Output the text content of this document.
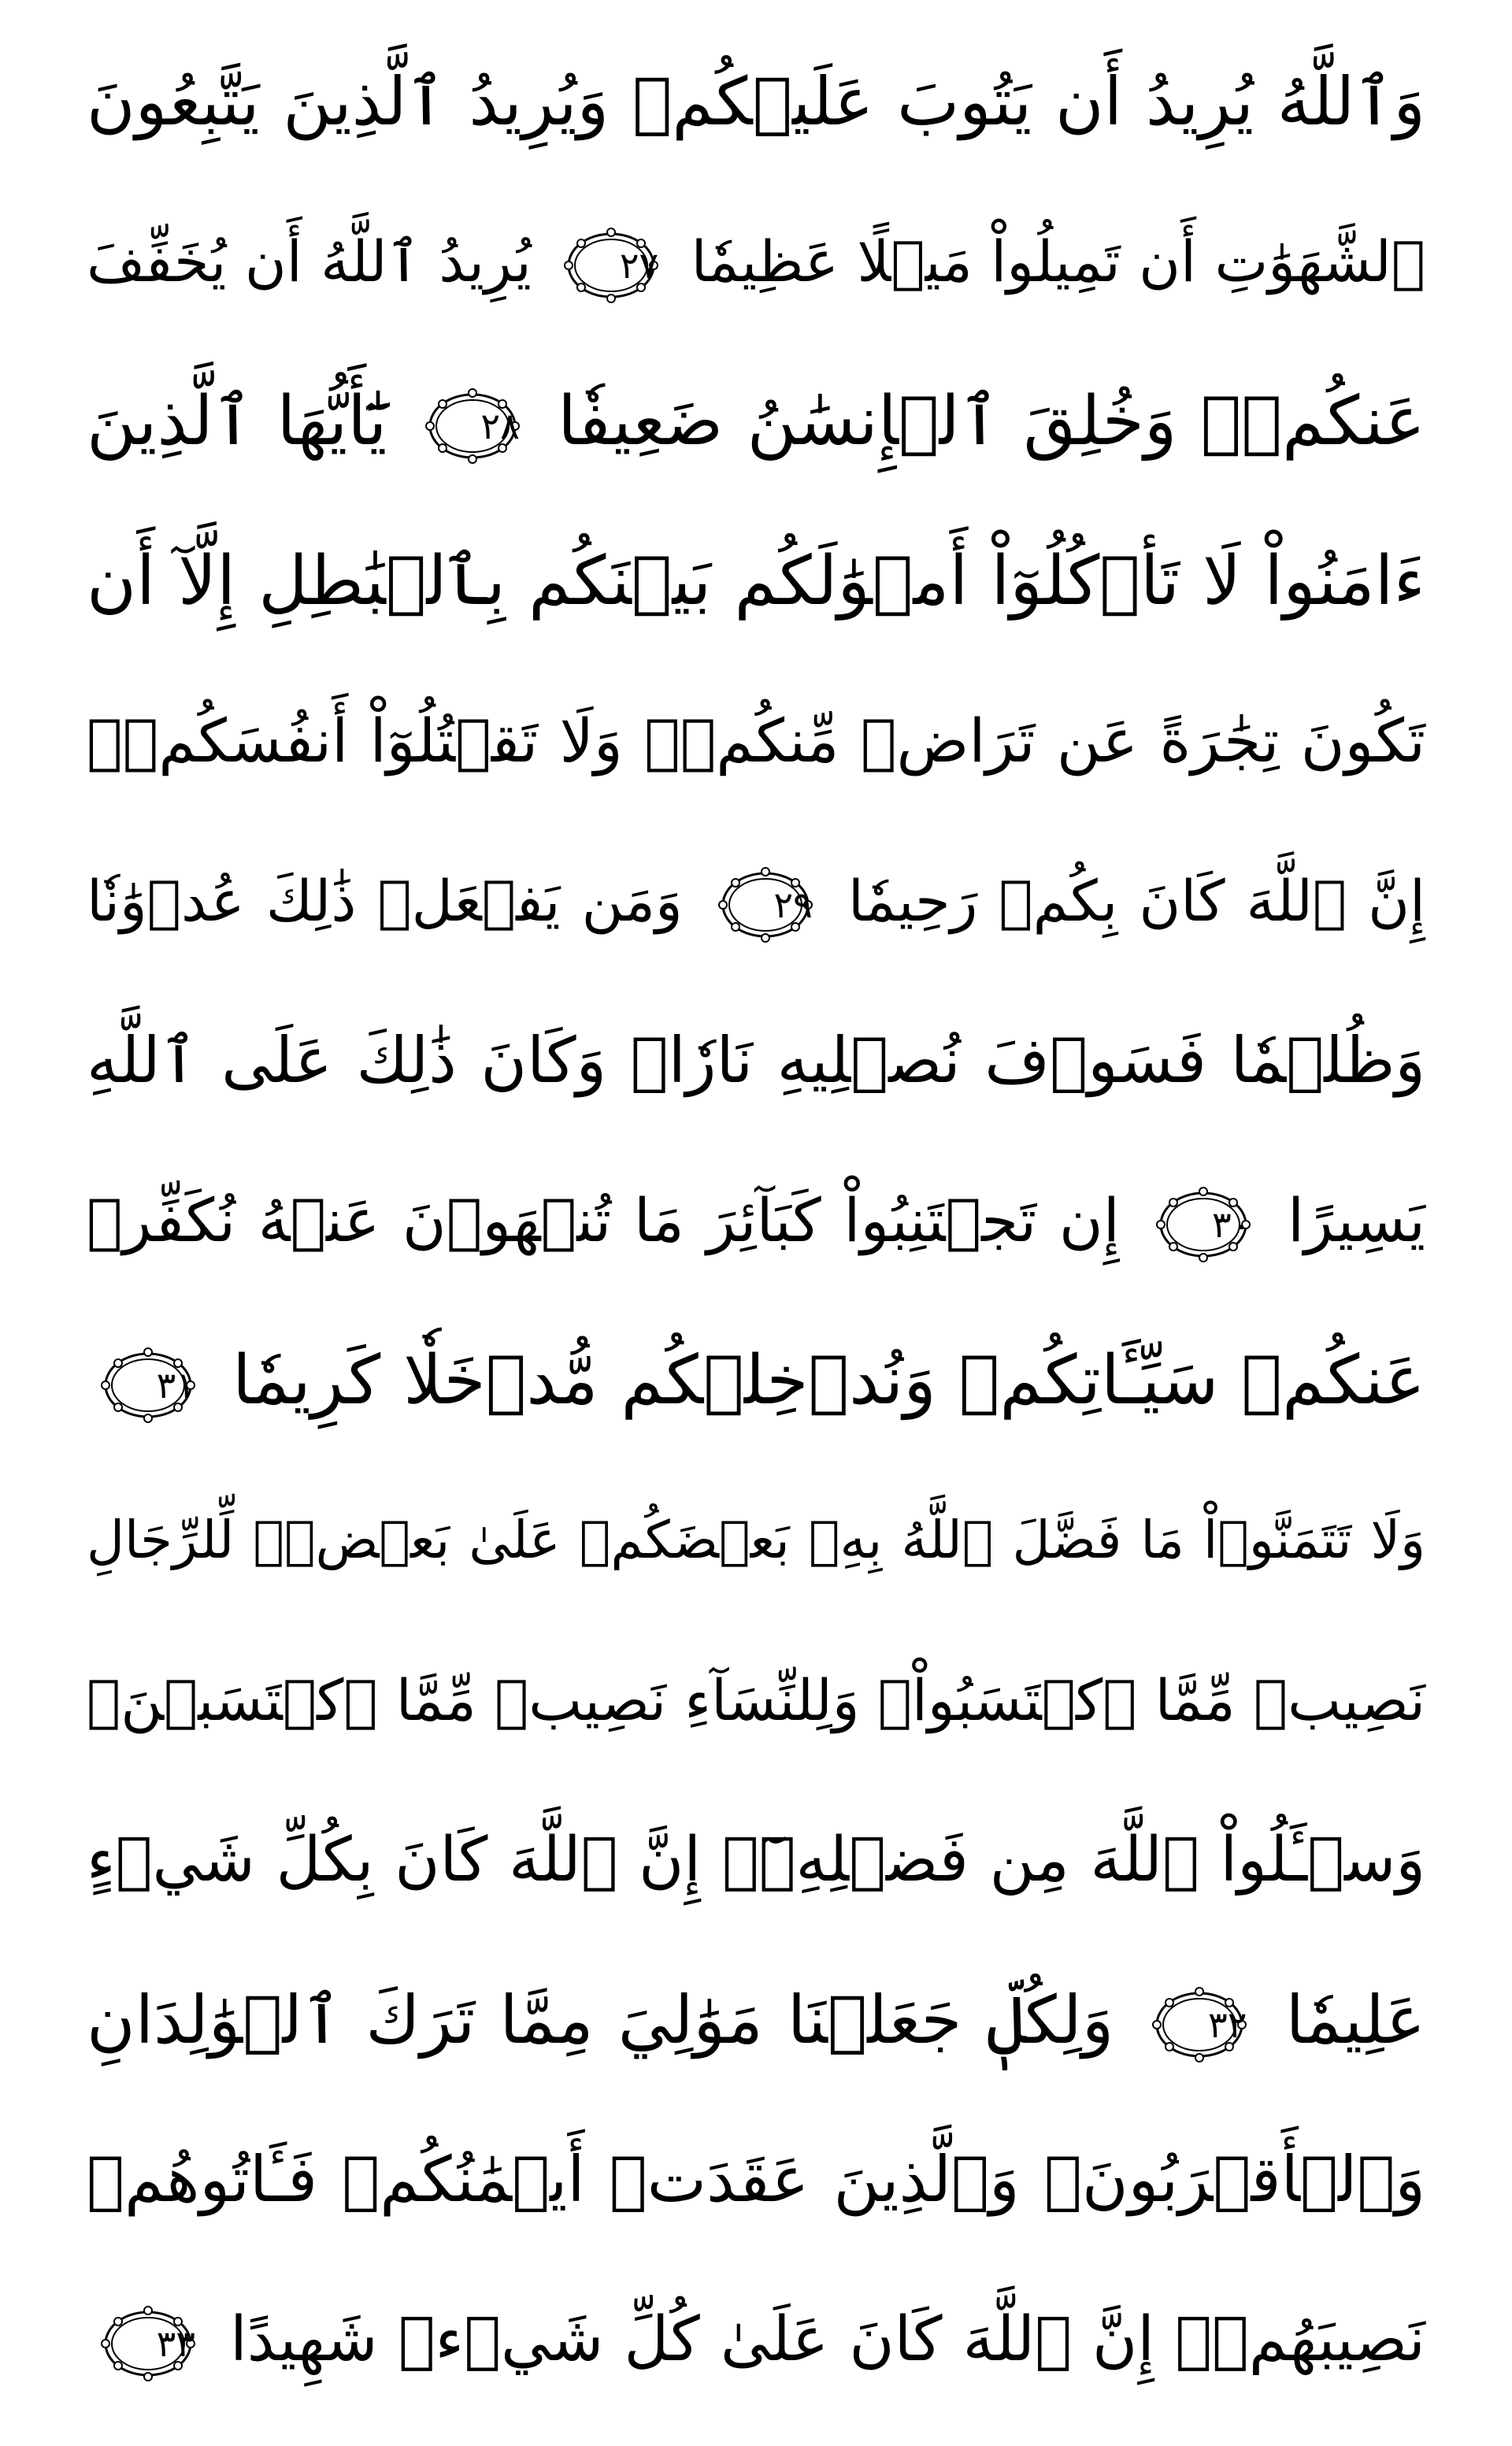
وَٱللَّهُ يُرِيدُ أَن يَتُوبَ عَلَيۡكُمۡ وَيُرِيدُ ٱلَّذِينَ يَتَّبِعُونَ
ٱلشَّهَوَٰتِ أَن تَمِيلُواْ مَيۡلًا عَظِيمٗا
٢٧
يُرِيدُ ٱللَّهُ أَن يُخَفِّفَ
عَنكُمۡۚ وَخُلِقَ ٱلۡإِنسَٰنُ ضَعِيفٗا
٢٨
يَٰٓأَيُّهَا ٱلَّذِينَ
ءَامَنُواْ لَا تَأۡكُلُوٓاْ أَمۡوَٰلَكُم بَيۡنَكُم بِٱلۡبَٰطِلِ إِلَّآ أَن
تَكُونَ تِجَٰرَةً عَن تَرَاضٖ مِّنكُمۡۚ وَلَا تَقۡتُلُوٓاْ أَنفُسَكُمۡۚ
إِنَّ ٱللَّهَ كَانَ بِكُمۡ رَحِيمٗا
٢٩
وَمَن يَفۡعَلۡ ذَٰلِكَ عُدۡوَٰنٗا
وَظُلۡمٗا فَسَوۡفَ نُصۡلِيهِ نَارٗاۚ وَكَانَ ذَٰلِكَ عَلَى ٱللَّهِ
يَسِيرًا
٣٠
إِن تَجۡتَنِبُواْ كَبَآئِرَ مَا تُنۡهَوۡنَ عَنۡهُ نُكَفِّرۡ
عَنكُمۡ سَيِّـَٔاتِكُمۡ وَنُدۡخِلۡكُم مُّدۡخَلٗا كَرِيمٗا
٣١
وَلَا تَتَمَنَّوۡاْ مَا فَضَّلَ ٱللَّهُ بِهِۦ بَعۡضَكُمۡ عَلَىٰ بَعۡضٖۚ لِّلرِّجَالِ
نَصِيبٞ مِّمَّا ٱكۡتَسَبُواْۖ وَلِلنِّسَآءِ نَصِيبٞ مِّمَّا ٱكۡتَسَبۡنَۚ
وَسۡـَٔلُواْ ٱللَّهَ مِن فَضۡلِهِۦٓۚ إِنَّ ٱللَّهَ كَانَ بِكُلِّ شَيۡءٍ
عَلِيمٗا
٣٢
وَلِكُلّٖ جَعَلۡنَا مَوَٰلِيَ مِمَّا تَرَكَ ٱلۡوَٰلِدَانِ
وَٱلۡأَقۡرَبُونَۚ وَٱلَّذِينَ عَقَدَتۡ أَيۡمَٰنُكُمۡ فَـَٔاتُوهُمۡ
نَصِيبَهُمۡۚ إِنَّ ٱللَّهَ كَانَ عَلَىٰ كُلِّ شَيۡءٖ شَهِيدًا
٣٣
